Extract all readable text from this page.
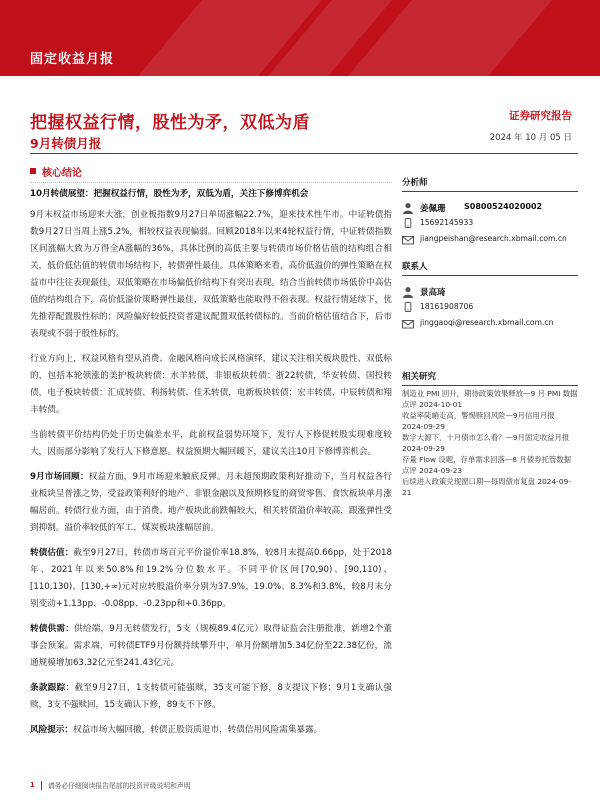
固定收益月报
把握权益行情，股性为矛，双低为盾	证券研究报告
9月转债月报	2024 年 10 月 05 日
核心结论

10月转债展望：把握权益行情，股性为矛，双低为盾，关注下修博弈机会

9月末权益市场迎来大涨，创业板指数9月27日单周涨幅22.7%，迎来技术性牛市。中证转债指数9月27日当周上涨5.2%，相较权益表现偏弱。回顾2018年以来4轮权益行情，中证转债指数区间涨幅大致为万得全A涨幅的36%，具体比例的高低主要与转债市场价格估值的结构组合相关，低价低估值的转债市场结构下，转债弹性最佳。具体策略来看，高价低溢价的弹性策略在权益市中往往表现最佳，双低策略在市场偏低价结构下有突出表现。结合当前转债市场低价中高估值的结构组合下，高价低溢价策略弹性最佳，双低策略也能取得不俗表现。权益行情延续下，优先推荐配置股性标的；风险偏好较低投资者建议配置双低转债标的。当前价格估值结合下，后市表现或不弱于股性标的。

行业方向上，权益风格有望从消费、金融风格向成长风格演绎，建议关注相关板块股性、双低标的，包括本轮领涨的美护板块转债：水羊转债，非银板块转债：浙22转债，华安转债、国投转债，电子板块转债：汇成转债、利扬转债、佳禾转债，电新板块转债：宏丰转债、中辰转债和翔丰转债。

当前转债平价结构仍处于历史偏差水平，此前权益弱势环境下，发行人下修促转股实现难度较大，因而部分影响了发行人下修意愿。权益预期大幅回暖下，建议关注10月下修博弈机会。

9月市场回顾：权益方面，9月市场迎来触底反弹。月末超预期政策利好推动下，当月权益各行业板块呈普涨之势，受益政策利好的地产、非银金融以及预期修复的商贸零售、食饮板块单月涨幅居前。转债行业方面，由于消费、地产板块此前跌幅较大，相关转债溢价率较高，跟涨弹性受到抑制。溢价率较低的军工、煤炭板块涨幅居前。

转债估值：截至9月27日，转债市场百元平价溢价率18.8%，较8月末提高0.66pp，处于2018年、2021年以来50.8%和19.2%分位数水平。不同平价区间[70,90)、[90,110)、[110,130)、[130,+∞)元对应转股溢价率分别为37.9%、19.0%、8.3%和3.8%，较8月末分别变动+1.13pp、-0.08pp、-0.23pp和+0.36pp。

转债供需：供给端，9月无转债发行，5支（规模89.4亿元）取得证监会注册批准，新增2个董事会预案。需求端，可转债ETF9月份额持续攀升中，单月份额增加5.34亿份至22.38亿份，流通规模增加63.32亿元至241.43亿元。

条款跟踪：截至9月27日，1支转债可能强赎，35支可能下修，8支提议下修；9月1支确认强赎，3支不强赎回，15支确认下修，89支不下修。

风险提示：权益市场大幅回撤，转债正股资质退市，转债信用风险需集暴露。

分析师
姜佩珊 S0800524020002
15692145933
jiangpeishan@research.xbmail.com.cn
联系人
景高琦
18161908706
jinggaoqi@research.xbmail.com.cn
相关研究
制造业 PMI 回升，期待政策效果释放—9 月 PMI 数据点评 2024-10-01
收益率陡峭走高，警惕赎回风险—9月信用月报 2024-09-29
数字大源下，十月债市怎么看？—9月固定收益月报 2024-09-29
存量 Flow 设题，存单需求回落—8 月债券托管数据点评 2024-09-23
后续进入政策兑现窗口期—每周债市复盘 2024-09-21
1 请务必仔细阅读报告尾部的投资评级说明和声明
